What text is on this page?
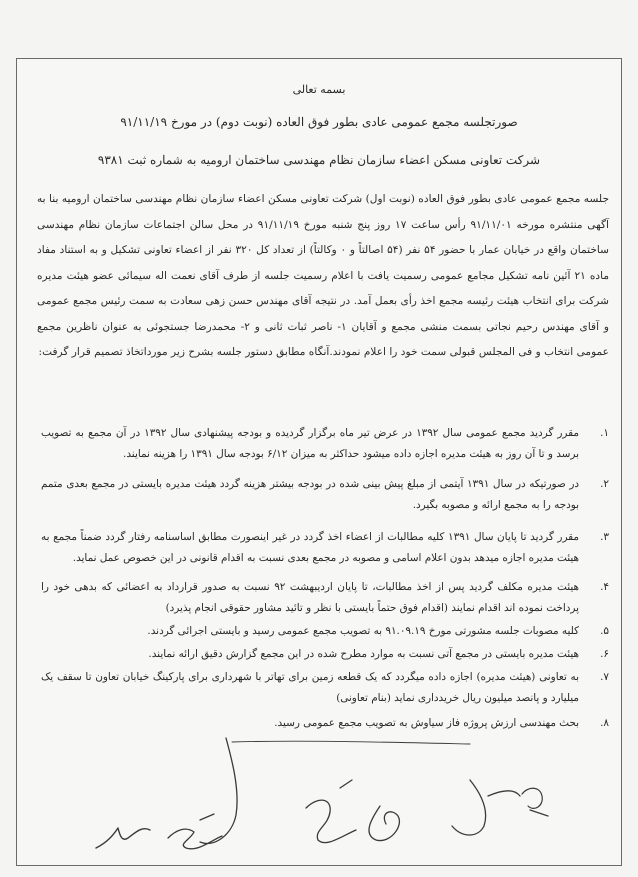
بسمه تعالی
صورتجلسه مجمع عمومی عادی بطور فوق العاده (نوبت دوم) در مورخ ۹۱/۱۱/۱۹
شرکت تعاونی مسکن اعضاء سازمان نظام مهندسی ساختمان ارومیه به شماره ثبت ۹۳۸۱
جلسه مجمع عمومی عادی بطور فوق العاده (نوبت اول) شرکت تعاونی مسکن اعضاء سازمان نظام مهندسی ساختمان ارومیه بنا به آگهی منتشره مورخه ۹۱/۱۱/۰۱ رأس ساعت ۱۷ روز پنج شنبه مورخ ۹۱/۱۱/۱۹ در محل سالن اجتماعات سازمان نظام مهندسی ساختمان واقع در خیابان عمار با حضور ۵۴ نفر (۵۴ اصالتاً و ۰ وکالتاً) از تعداد کل ۳۲۰ نفر از اعضاء تعاونی تشکیل و به استناد مفاد ماده ۲۱ آئین نامه تشکیل مجامع عمومی رسمیت یافت با اعلام رسمیت جلسه از طرف آقای نعمت اله سیمائی عضو هیئت مدیره شرکت برای انتخاب هیئت رئیسه مجمع اخذ رأی بعمل آمد. در نتیجه آقای مهندس حسن زهی سعادت به سمت رئیس مجمع عمومی و آقای مهندس رحیم نجاتی بسمت منشی مجمع و آقایان ۱- ناصر ثبات ثانی و ۲- محمدرضا جستجوئی به عنوان ناظرین مجمع عمومی انتخاب و فی المجلس قبولی سمت خود را اعلام نمودند.آنگاه مطابق دستور جلسه بشرح زیر مورداتخاذ تصمیم قرار گرفت:
۱.
مقرر گردید مجمع عمومی سال ۱۳۹۲ در عرض تیر ماه برگزار گردیده و بودجه پیشنهادی سال ۱۳۹۲ در آن مجمع به تصویب برسد و تا آن روز به هیئت مدیره اجازه داده میشود حداکثر به میزان ۶/۱۲ بودجه سال ۱۳۹۱ را هزینه نمایند.
۲.
در صورتیکه در سال ۱۳۹۱ آیتمی از مبلغ پیش بینی شده در بودجه بیشتر هزینه گردد هیئت مدیره بایستی در مجمع بعدی متمم بودجه را به مجمع ارائه و مصوبه بگیرد.
۳.
مقرر گردید تا پایان سال ۱۳۹۱ کلیه مطالبات از اعضاء اخذ گردد در غیر اینصورت مطابق اساسنامه رفتار گردد ضمناً مجمع به هیئت مدیره اجازه میدهد بدون اعلام اسامی و مصوبه در مجمع بعدی نسبت به اقدام قانونی در این خصوص عمل نماید.
۴.
هیئت مدیره مکلف گردید پس از اخذ مطالبات، تا پایان اردیبهشت ۹۲ نسبت به صدور قرارداد به اعضائی که بدهی خود را پرداخت نموده اند اقدام نمایند (اقدام فوق حتماً بایستی با نظر و تائید مشاور حقوقی انجام پذیرد)
۵.
کلیه مصوبات جلسه مشورتی مورخ ۹۱.۰۹.۱۹ به تصویب مجمع عمومی رسید و بایستی اجرائی گردند.
۶.
هیئت مدیره بایستی در مجمع آتی نسبت به موارد مطرح شده در این مجمع گزارش دقیق ارائه نمایند.
۷.
به تعاونی (هیئت مدیره) اجازه داده میگردد که یک قطعه زمین برای تهاتر با شهرداری برای پارکینگ خیابان تعاون تا سقف یک میلیارد و پانصد میلیون ریال خریدداری نماید (بنام تعاونی)
۸.
بحث مهندسی ارزش پروژه فاز سیاوش به تصویب مجمع عمومی رسید.
